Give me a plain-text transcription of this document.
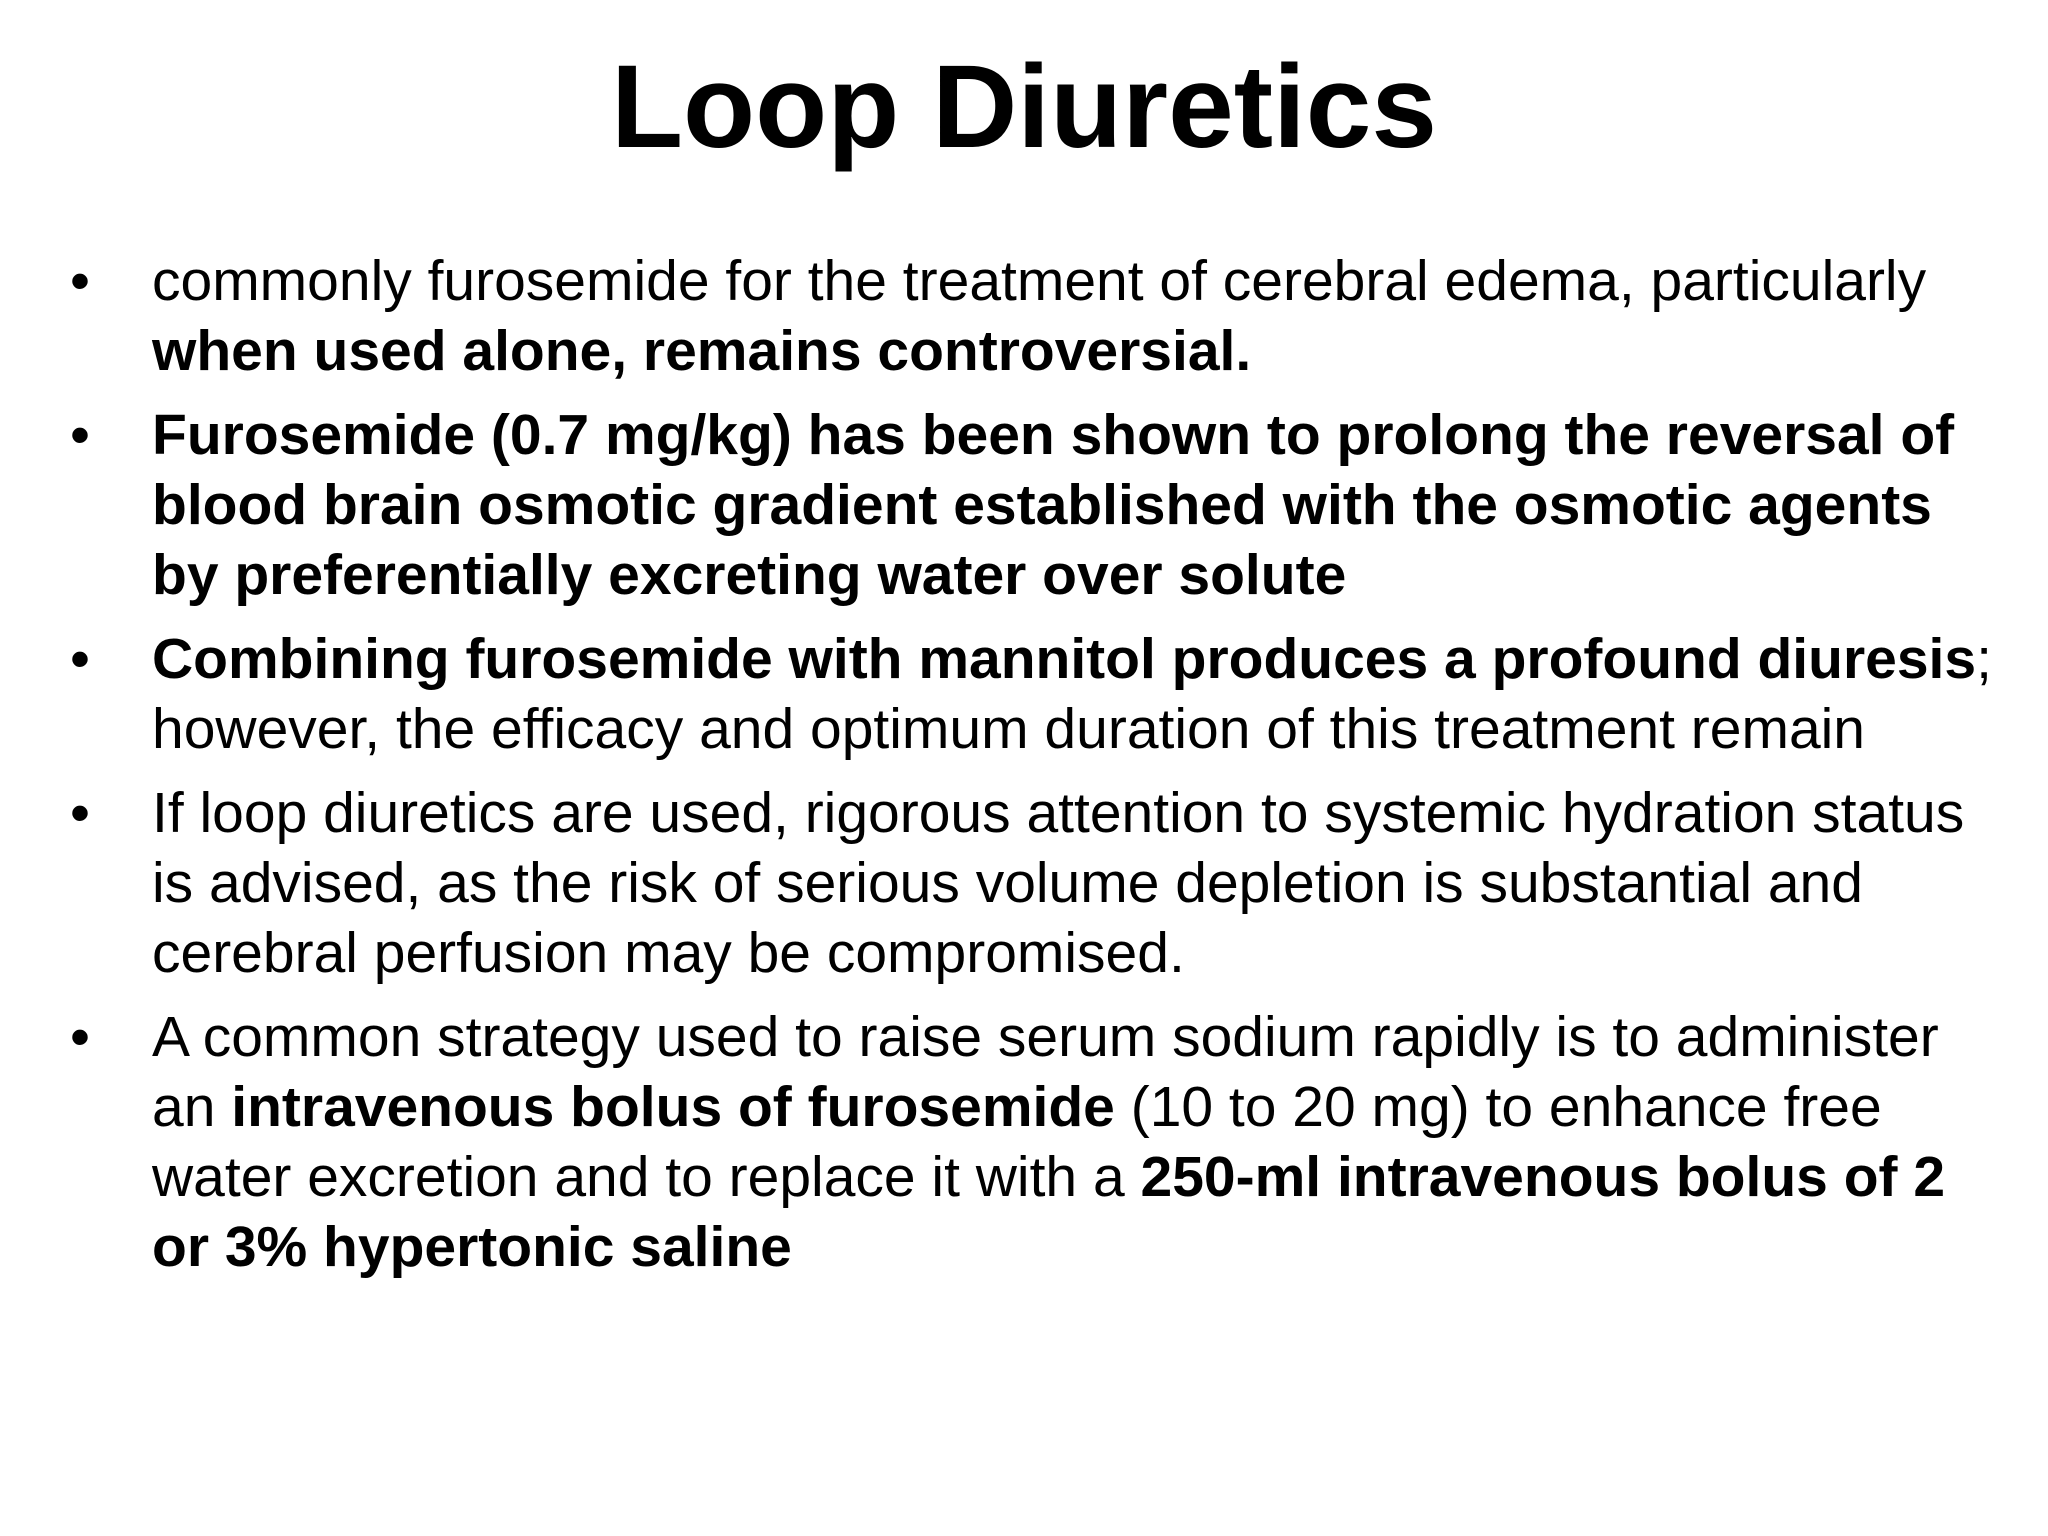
Loop Diuretics
•	commonly furosemide for the treatment of cerebral edema, particularly when used alone, remains controversial.
•	Furosemide (0.7 mg/kg) has been shown to prolong the reversal of blood brain osmotic gradient established with the osmotic agents by preferentially excreting water over solute
•	Combining furosemide with mannitol produces a profound diuresis; however, the efficacy and optimum duration of this treatment remain
•	If loop diuretics are used, rigorous attention to systemic hydration status is advised, as the risk of serious volume depletion is substantial and cerebral perfusion may be compromised.
•	A common strategy used to raise serum sodium rapidly is to administer an intravenous bolus of furosemide (10 to 20 mg) to enhance free water excretion and to replace it with a 250-ml intravenous bolus of 2 or 3% hypertonic saline
